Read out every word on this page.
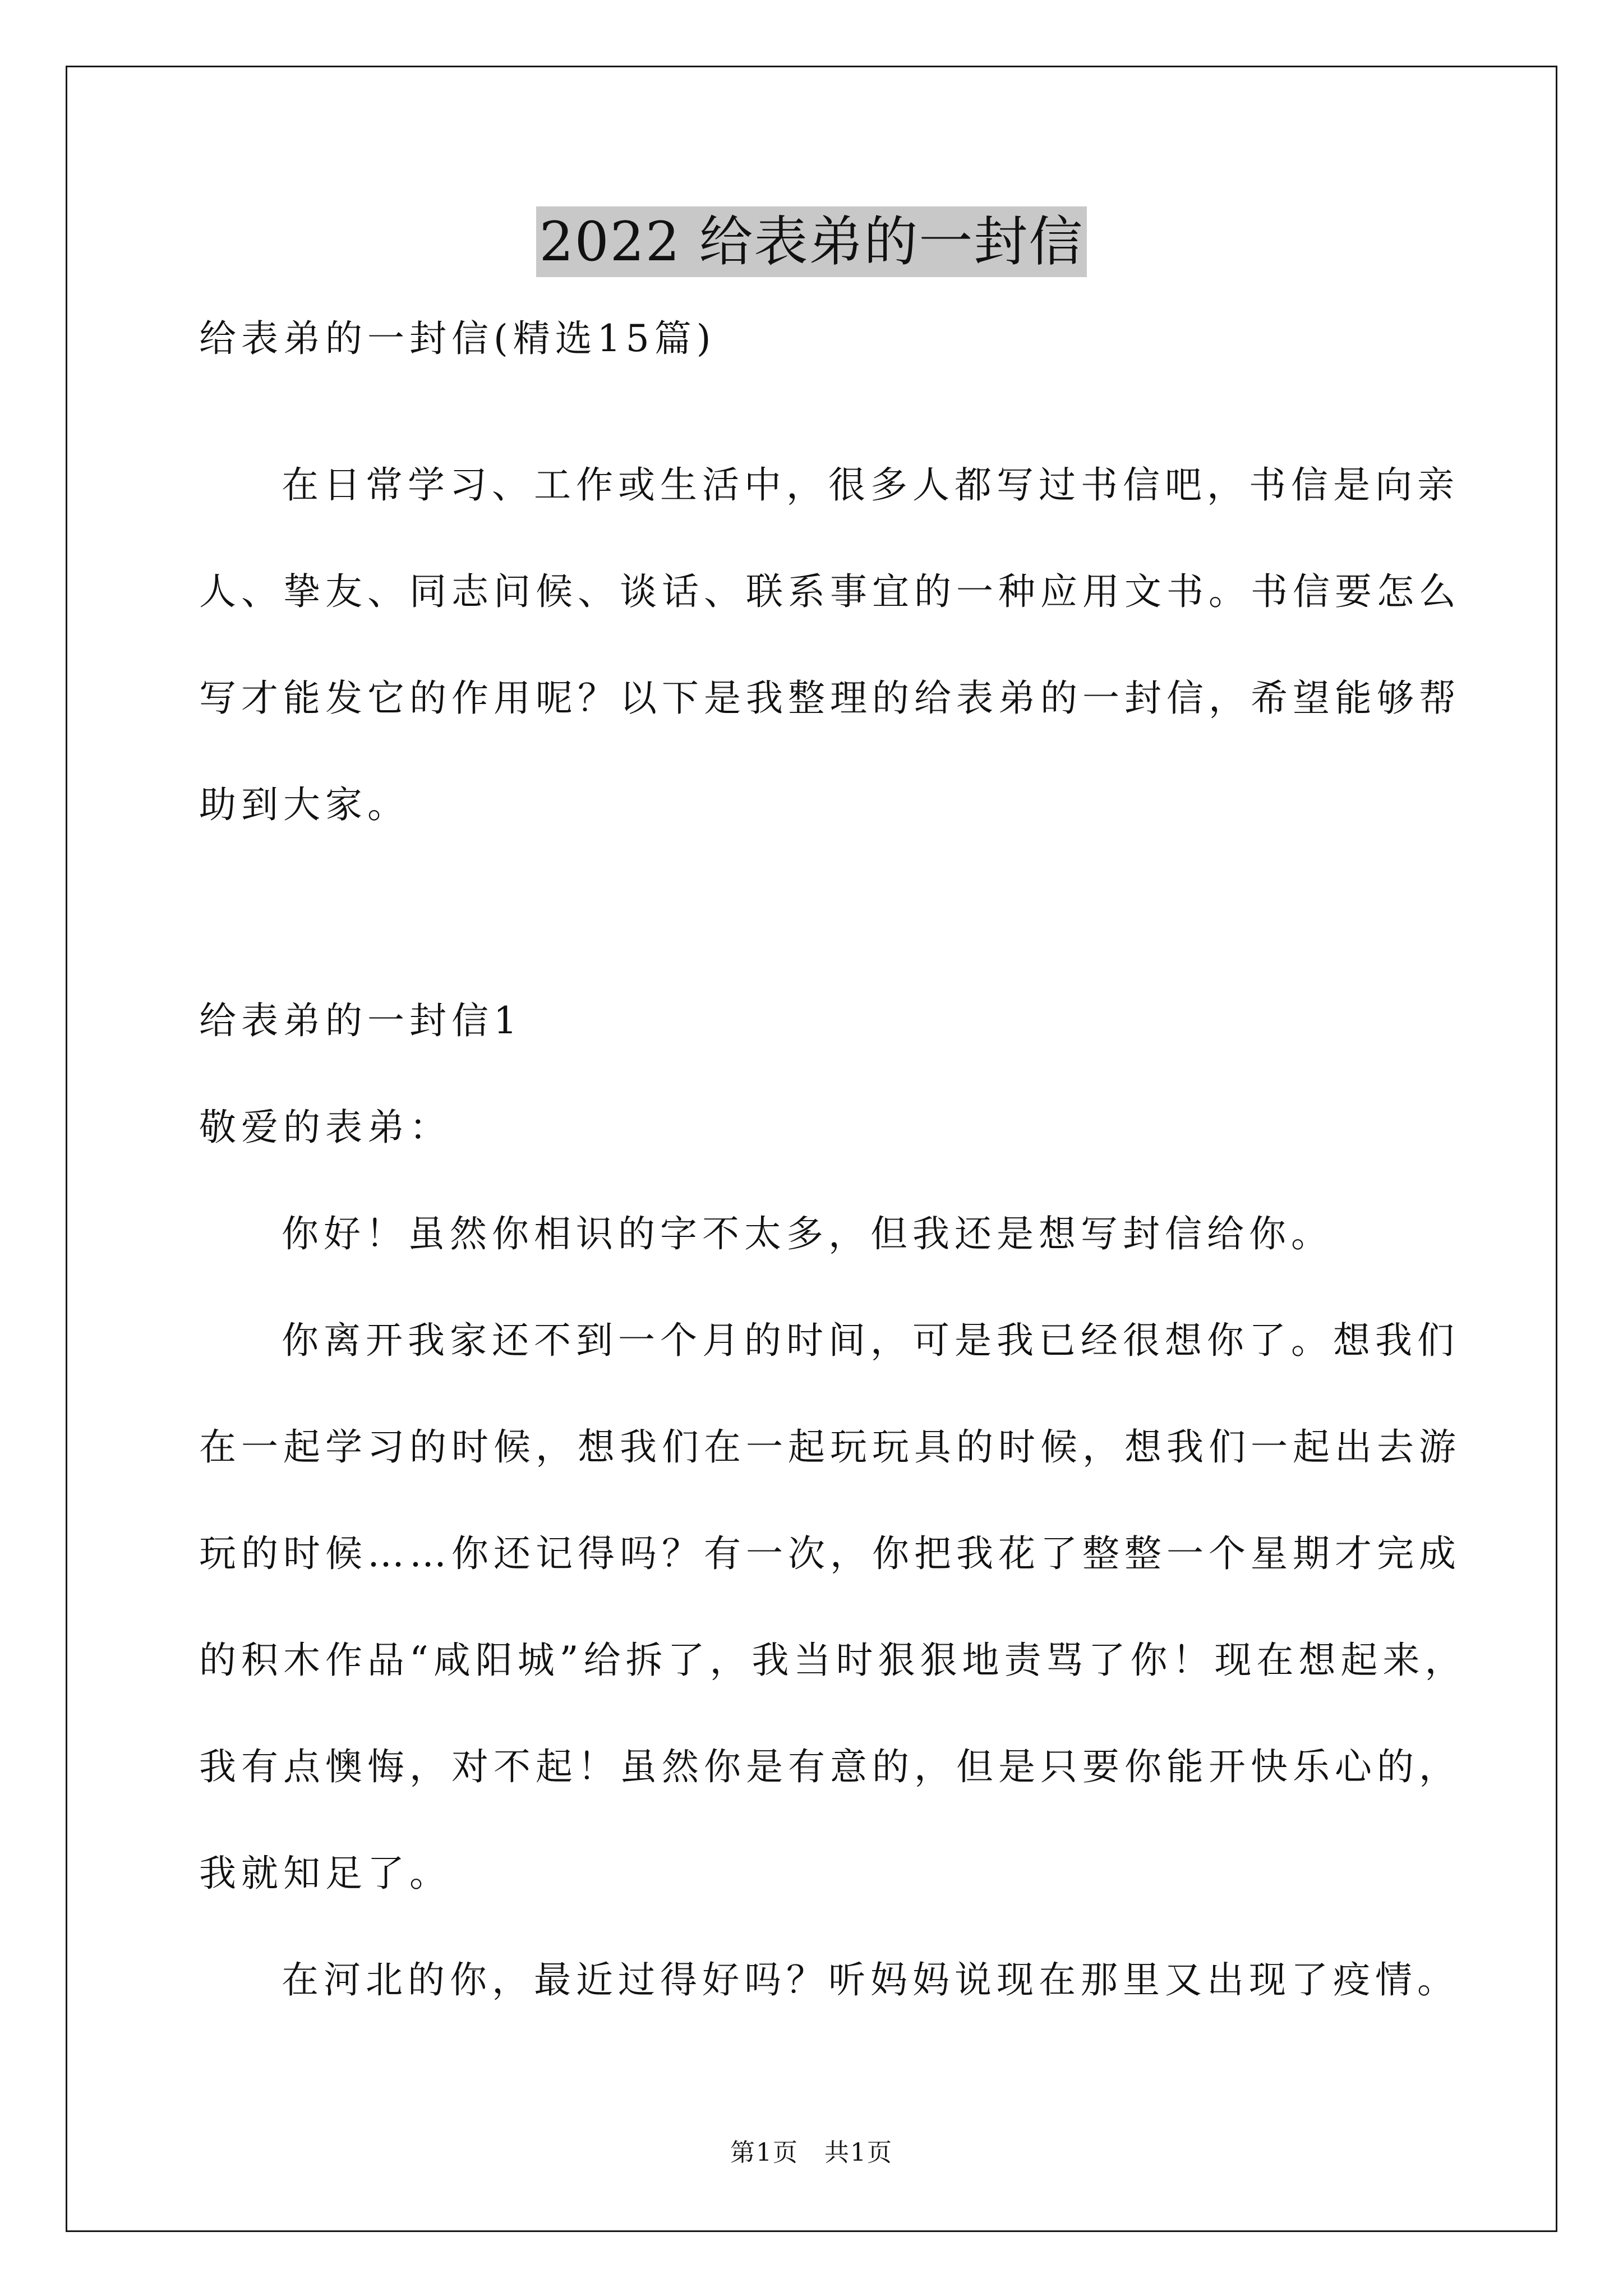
2022 给表弟的一封信
给表弟的一封信(精选15篇)
在日常学习、工作或生活中，很多人都写过书信吧，书信是向亲
人、挚友、同志问候、谈话、联系事宜的一种应用文书。书信要怎么
写才能发它的作用呢？以下是我整理的给表弟的一封信，希望能够帮
助到大家。
给表弟的一封信1
敬爱的表弟：
你好！虽然你相识的字不太多，但我还是想写封信给你。
你离开我家还不到一个月的时间，可是我已经很想你了。想我们
在一起学习的时候，想我们在一起玩玩具的时候，想我们一起出去游
玩的时候……你还记得吗？有一次，你把我花了整整一个星期才完成
的积木作品“咸阳城”给拆了，我当时狠狠地责骂了你！现在想起来，
我有点懊悔，对不起！虽然你是有意的，但是只要你能开快乐心的，
我就知足了。
在河北的你，最近过得好吗？听妈妈说现在那里又出现了疫情。
第1页　共1页
